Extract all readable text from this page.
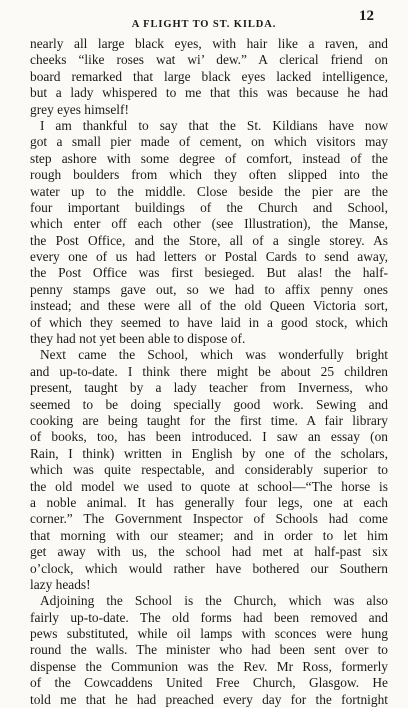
A FLIGHT TO ST. KILDA.
12
nearly all large black eyes, with hair like a raven, and
cheeks “like roses wat wi’ dew.” A clerical friend on
board remarked that large black eyes lacked intelligence,
but a lady whispered to me that this was because he had
grey eyes himself!
I am thankful to say that the St. Kildians have now
got a small pier made of cement, on which visitors may
step ashore with some degree of comfort, instead of the
rough boulders from which they often slipped into the
water up to the middle. Close beside the pier are the
four important buildings of the Church and School,
which enter off each other (see Illustration), the Manse,
the Post Office, and the Store, all of a single storey. As
every one of us had letters or Postal Cards to send away,
the Post Office was first besieged. But alas! the half-
penny stamps gave out, so we had to affix penny ones
instead; and these were all of the old Queen Victoria sort,
of which they seemed to have laid in a good stock, which
they had not yet been able to dispose of.
Next came the School, which was wonderfully bright
and up-to-date. I think there might be about 25 children
present, taught by a lady teacher from Inverness, who
seemed to be doing specially good work. Sewing and
cooking are being taught for the first time. A fair library
of books, too, has been introduced. I saw an essay (on
Rain, I think) written in English by one of the scholars,
which was quite respectable, and considerably superior to
the old model we used to quote at school—“The horse is
a noble animal. It has generally four legs, one at each
corner.” The Government Inspector of Schools had come
that morning with our steamer; and in order to let him
get away with us, the school had met at half-past six
o’clock, which would rather have bothered our Southern
lazy heads!
Adjoining the School is the Church, which was also
fairly up-to-date. The old forms had been removed and
pews substituted, while oil lamps with sconces were hung
round the walls. The minister who had been sent over to
dispense the Communion was the Rev. Mr Ross, formerly
of the Cowcaddens United Free Church, Glasgow. He
told me that he had preached every day for the fortnight
